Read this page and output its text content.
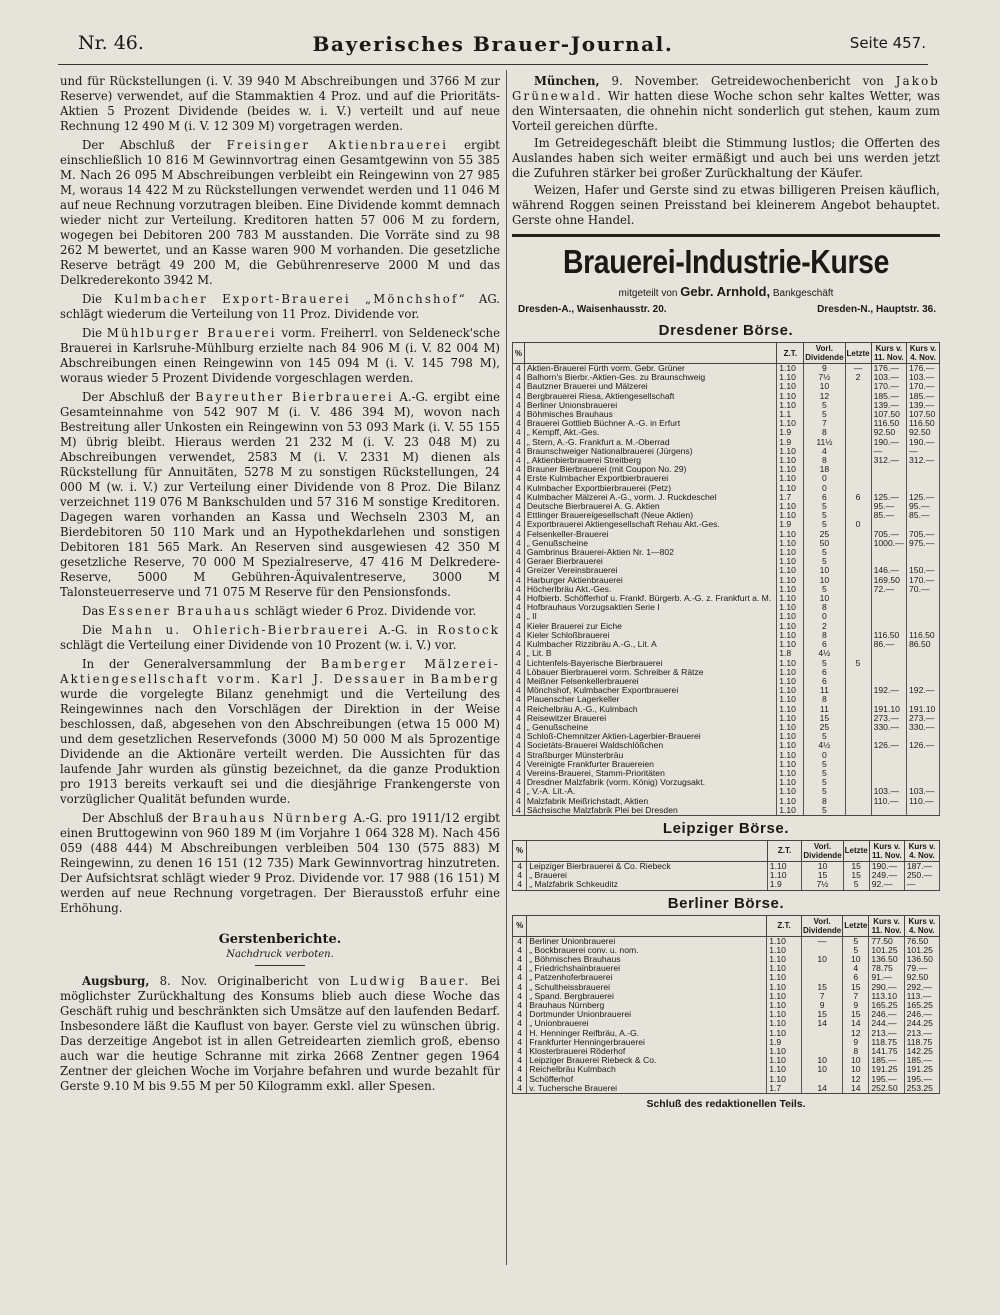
Nr. 46.	Bayerisches Brauer-Journal.	Seite 457.

und für Rückstellungen (i. V. 39 940 M Abschreibungen und 3766 M zur Reserve) verwendet, auf die Stammaktien 4 Proz. und auf die Prioritäts-Aktien 5 Prozent Dividende (beides w. i. V.) verteilt und auf neue Rechnung 12 490 M (i. V. 12 309 M) vorgetragen werden.

Der Abschluß der Freisinger Aktienbrauerei ergibt einschließlich 10 816 M Gewinnvortrag einen Gesamtgewinn von 55 385 M. Nach 26 095 M Abschreibungen verbleibt ein Reingewinn von 27 985 M, woraus 14 422 M zu Rückstellungen verwendet werden und 11 046 M auf neue Rechnung vorzutragen bleiben. Eine Dividende kommt demnach wieder nicht zur Verteilung. Kreditoren hatten 57 006 M zu fordern, wogegen bei Debitoren 200 783 M ausstanden. Die Vorräte sind zu 98 262 M bewertet, und an Kasse waren 900 M vorhanden. Die gesetzliche Reserve beträgt 49 200 M, die Gebührenreserve 2000 M und das Delkrederekonto 3942 M.

Die Kulmbacher Export-Brauerei „Mönchshof“ AG. schlägt wiederum die Verteilung von 11 Proz. Dividende vor.

Die Mühlburger Brauerei vorm. Freiherrl. von Seldeneck'sche Brauerei in Karlsruhe-Mühlburg erzielte nach 84 906 M (i. V. 82 004 M) Abschreibungen einen Reingewinn von 145 094 M (i. V. 145 798 M), woraus wieder 5 Prozent Dividende vorgeschlagen werden.

Der Abschluß der Bayreuther Bierbrauerei A.-G. ergibt eine Gesamteinnahme von 542 907 M (i. V. 486 394 M), wovon nach Bestreitung aller Unkosten ein Reingewinn von 53 093 Mark (i. V. 55 155 M) übrig bleibt. Hieraus werden 21 232 M (i. V. 23 048 M) zu Abschreibungen verwendet, 2583 M (i. V. 2331 M) dienen als Rückstellung für Annuitäten, 5278 M zu sonstigen Rückstellungen, 24 000 M (w. i. V.) zur Verteilung einer Dividende von 8 Proz. Die Bilanz verzeichnet 119 076 M Bankschulden und 57 316 M sonstige Kreditoren. Dagegen waren vorhanden an Kassa und Wechseln 2303 M, an Bierdebitoren 50 110 Mark und an Hypothekdarlehen und sonstigen Debitoren 181 565 Mark. An Reserven sind ausgewiesen 42 350 M gesetzliche Reserve, 70 000 M Spezialreserve, 47 416 M Delkredere-Reserve, 5000 M Gebühren-Äquivalentreserve, 3000 M Talonsteuerreserve und 71 075 M Reserve für den Pensionsfonds.

Das Essener Brauhaus schlägt wieder 6 Proz. Dividende vor.

Die Mahn u. Ohlerich-Bierbrauerei A.-G. in Rostock schlägt die Verteilung einer Dividende von 10 Prozent (w. i. V.) vor.

In der Generalversammlung der Bamberger Mälzerei-Aktiengesellschaft vorm. Karl J. Dessauer in Bamberg wurde die vorgelegte Bilanz genehmigt und die Verteilung des Reingewinnes nach den Vorschlägen der Direktion in der Weise beschlossen, daß, abgesehen von den Abschreibungen (etwa 15 000 M) und dem gesetzlichen Reservefonds (3000 M) 50 000 M als 5prozentige Dividende an die Aktionäre verteilt werden. Die Aussichten für das laufende Jahr wurden als günstig bezeichnet, da die ganze Produktion pro 1913 bereits verkauft sei und die diesjährige Frankengerste von vorzüglicher Qualität befunden wurde.

Der Abschluß der Brauhaus Nürnberg A.-G. pro 1911/12 ergibt einen Bruttogewinn von 960 189 M (im Vorjahre 1 064 328 M). Nach 456 059 (488 444) M Abschreibungen verbleiben 504 130 (575 883) M Reingewinn, zu denen 16 151 (12 735) Mark Gewinnvortrag hinzutreten. Der Aufsichtsrat schlägt wieder 9 Proz. Dividende vor. 17 988 (16 151) M werden auf neue Rechnung vorgetragen. Der Bierausstoß erfuhr eine Erhöhung.

Gerstenberichte.
Nachdruck verboten.

Augsburg, 8. Nov. Originalbericht von Ludwig Bauer. Bei möglichster Zurückhaltung des Konsums blieb auch diese Woche das Geschäft ruhig und beschränkten sich Umsätze auf den laufenden Bedarf. Insbesondere läßt die Kauflust von bayer. Gerste viel zu wünschen übrig. Das derzeitige Angebot ist in allen Getreidearten ziemlich groß, ebenso auch war die heutige Schranne mit zirka 2668 Zentner gegen 1964 Zentner der gleichen Woche im Vorjahre befahren und wurde bezahlt für Gerste 9.10 M bis 9.55 M per 50 Kilogramm exkl. aller Spesen.

München, 9. November. Getreidewochenbericht von Jakob Grünewald. Wir hatten diese Woche schon sehr kaltes Wetter, was den Wintersaaten, die ohnehin nicht sonderlich gut stehen, kaum zum Vorteil gereichen dürfte.

Im Getreidegeschäft bleibt die Stimmung lustlos; die Offerten des Auslandes haben sich weiter ermäßigt und auch bei uns werden jetzt die Zufuhren stärker bei großer Zurückhaltung der Käufer.

Weizen, Hafer und Gerste sind zu etwas billigeren Preisen käuflich, während Roggen seinen Preisstand bei kleinerem Angebot behauptet. Gerste ohne Handel.

Brauerei-Industrie-Kurse
mitgeteilt von Gebr. Arnhold, Bankgeschäft
Dresden-A., Waisenhausstr. 20.	Dresden-N., Hauptstr. 36.
Dresdener Börse.
%		Z.T.	Vorl. Dividende	Letzte	Kurs v. 11. Nov.	Kurs v. 4. Nov.
4	Aktien-Brauerei Fürth vorm. Gebr. Grüner	1.10	9	—	176.—	176.—
4	Balhorn's Bierbr.-Aktien-Ges. zu Braunschweig	1.10	7½	2	103.—	103.—
4	Bautzner Brauerei und Mälzerei	1.10	10		170.—	170.—
4	Bergbrauerei Riesa, Aktiengesellschaft	1.10	12		185.—	185.—
4	Berliner Unionsbrauerei	1.10	5		139.—	139.—
4	Böhmisches Brauhaus	1.1	5		107.50	107.50
4	Brauerei Gottlieb Büchner A.-G. in Erfurt	1.10	7		116.50	116.50
4	„ Kempff, Akt.-Ges.	1.9	8		92.50	92.50
4	„ Stern, A.-G. Frankfurt a. M.-Oberrad	1.9	11½		190.—	190.—
4	Braunschweiger Nationalbrauerei (Jürgens)	1.10	4		—	—
4	„ Aktienbierbrauerei Streitberg	1.10	8		312.—	312.—
4	Brauner Bierbrauerei (mit Coupon No. 29)	1.10	18			
4	Erste Kulmbacher Exportbierbrauerei	1.10	0			
4	Kulmbacher Exportbierbrauerei (Petz)	1.10	0			
4	Kulmbacher Mälzerei A.-G., vorm. J. Ruckdeschel	1.7	6	6	125.—	125.—
4	Deutsche Bierbrauerei A. G. Aktien	1.10	5		95.—	95.—
4	Ettlinger Brauereigesellschaft (Neue Aktien)	1.10	5		85.—	85.—
4	Exportbrauerei Aktiengesellschaft Rehau Akt.-Ges.	1.9	5	0		
4	Felsenkeller-Brauerei	1.10	25		705.—	705.—
4	„ Genußscheine	1.10	50		1000.—	975.—
4	Gambrinus Brauerei-Aktien Nr. 1—802	1.10	5			
4	Geraer Bierbrauerei	1.10	5			
4	Greizer Vereinsbrauerei	1.10	10		146.—	150.—
4	Harburger Aktienbrauerei	1.10	10		169.50	170.—
4	Höcherlbräu Akt.-Ges.	1.10	5		72.—	70.—
4	Hofbierb. Schöfferhof u. Frankf. Bürgerb. A.-G. z. Frankfurt a. M.	1.10	10			
4	Hofbrauhaus Vorzugsaktien Serie I	1.10	8			
4	„ II	1.10	0			
4	Kieler Brauerei zur Eiche	1.10	2			
4	Kieler Schloßbrauerei	1.10	8		116.50	116.50
4	Kulmbacher Rizzibräu A.-G., Lit. A	1.10	6		86.—	86.50
4	„ Lit. B	1.8	4½			
4	Lichtenfels-Bayerische Bierbrauerei	1.10	5	5		
4	Löbauer Bierbrauerei vorm. Schreiber & Rätze	1.10	6			
4	Meißner Felsenkellerbrauerei	1.10	6			
4	Mönchshof, Kulmbacher Exportbrauerei	1.10	11		192.—	192.—
4	Plauenscher Lagerkeller	1.10	8			
4	Reichelbräu A.-G., Kulmbach	1.10	11		191.10	191.10
4	Reisewitzer Brauerei	1.10	15		273.—	273.—
4	„ Genußscheine	1.10	25		330.—	330.—
4	Schloß-Chemnitzer Aktien-Lagerbier-Brauerei	1.10	5			
4	Societäts-Brauerei Waldschlößchen	1.10	4½		126.—	126.—
4	Straßburger Münsterbräu	1.10	0			
4	Vereinigte Frankfurter Brauereien	1.10	5			
4	Vereins-Brauerei, Stamm-Prioritäten	1.10	5			
4	Dresdner Malzfabrik (vorm. König) Vorzugsakt.	1.10	5			
4	„ V.-A. Lit.-A.	1.10	5		103.—	103.—
4	Malzfabrik Meißrichstadt, Aktien	1.10	8		110.—	110.—
4	Sächsische Malzfabrik Plei bei Dresden	1.10	5			
Leipziger Börse.
%		Z.T.	Vorl. Dividende	Letzte	Kurs v. 11. Nov.	Kurs v. 4. Nov.
4	Leipziger Bierbrauerei & Co. Riebeck	1.10	10	15	190.—	187.—
4	„ Brauerei	1.10	15	15	249.—	250.—
4	„ Malzfabrik Schkeuditz	1.9	7½	5	92.—	—
Berliner Börse.
%		Z.T.	Vorl. Dividende	Letzte	Kurs v. 11. Nov.	Kurs v. 4. Nov.
4	Berliner Unionbrauerei	1.10	—	5	77.50	76.50
4	„ Bockbrauerei conv. u. nom.	1.10		5	101.25	101.25
4	„ Böhmisches Brauhaus	1.10	10	10	136.50	136.50
4	„ Friedrichshainbrauerei	1.10		4	78.75	79.—
4	„ Patzenhoferbrauerei	1.10		6	91.—	92.50
4	„ Schultheissbrauerei	1.10	15	15	290.—	292.—
4	„ Spand. Bergbrauerei	1.10	7	7	113.10	113.—
4	Brauhaus Nürnberg	1.10	9	9	165.25	165.25
4	Dortmunder Unionbrauerei	1.10	15	15	246.—	246.—
4	„ Unionbrauerei	1.10	14	14	244.—	244.25
4	H. Henninger Reifbräu, A.-G.	1.10		12	213.—	213.—
4	Frankfurter Henningerbrauerei	1.9		9	118.75	118.75
4	Klosterbrauerei Röderhof	1.10		8	141.75	142.25
4	Leipziger Brauerei Riebeck & Co.	1.10	10	10	185.—	185.—
4	Reichelbräu Kulmbach	1.10	10	10	191.25	191.25
4	Schöfferhof	1.10		12	195.—	195.—
4	v. Tuchersche Brauerei	1.7	14	14	252.50	253.25
Schluß des redaktionellen Teils.
